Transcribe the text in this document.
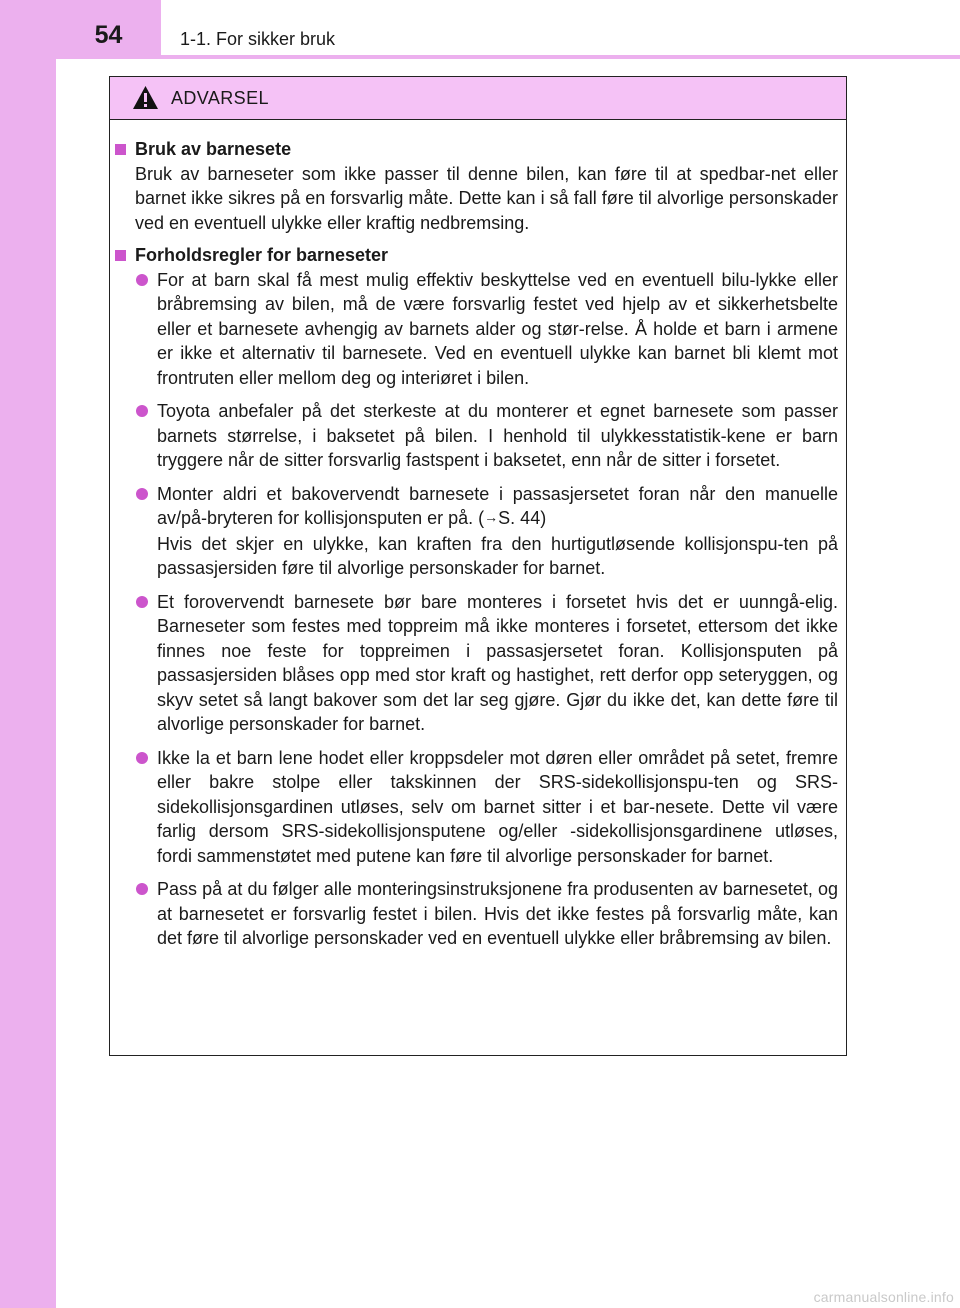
54	1-1. For sikker bruk
ADVARSEL
Bruk av barnesete

Bruk av barneseter som ikke passer til denne bilen, kan føre til at spedbar-net eller barnet ikke sikres på en forsvarlig måte. Dette kan i så fall føre til alvorlige personskader ved en eventuell ulykke eller kraftig nedbremsing.

Forholdsregler for barneseter
For at barn skal få mest mulig effektiv beskyttelse ved en eventuell bilu-lykke eller bråbremsing av bilen, må de være forsvarlig festet ved hjelp av et sikkerhetsbelte eller et barnesete avhengig av barnets alder og stør-relse. Å holde et barn i armene er ikke et alternativ til barnesete. Ved en eventuell ulykke kan barnet bli klemt mot frontruten eller mellom deg og interiøret i bilen.
Toyota anbefaler på det sterkeste at du monterer et egnet barnesete som passer barnets størrelse, i baksetet på bilen. I henhold til ulykkesstatistik-kene er barn tryggere når de sitter forsvarlig fastspent i baksetet, enn når de sitter i forsetet.
Monter aldri et bakovervendt barnesete i passasjersetet foran når den manuelle av/på-bryteren for kollisjonsputen er på. (→S. 44)
Hvis det skjer en ulykke, kan kraften fra den hurtigutløsende kollisjonspu-ten på passasjersiden føre til alvorlige personskader for barnet.
Et forovervendt barnesete bør bare monteres i forsetet hvis det er uunngå-elig. Barneseter som festes med toppreim må ikke monteres i forsetet, ettersom det ikke finnes noe feste for toppreimen i passasjersetet foran. Kollisjonsputen på passasjersiden blåses opp med stor kraft og hastighet, rett derfor opp seteryggen, og skyv setet så langt bakover som det lar seg gjøre. Gjør du ikke det, kan dette føre til alvorlige personskader for barnet.
Ikke la et barn lene hodet eller kroppsdeler mot døren eller området på setet, fremre eller bakre stolpe eller takskinnen der SRS-sidekollisjonspu-ten og SRS-sidekollisjonsgardinen utløses, selv om barnet sitter i et bar-nesete. Dette vil være farlig dersom SRS-sidekollisjonsputene og/eller -sidekollisjonsgardinene utløses, fordi sammenstøtet med putene kan føre til alvorlige personskader for barnet.
Pass på at du følger alle monteringsinstruksjonene fra produsenten av barnesetet, og at barnesetet er forsvarlig festet i bilen. Hvis det ikke festes på forsvarlig måte, kan det føre til alvorlige personskader ved en eventuell ulykke eller bråbremsing av bilen.
carmanualsonline.info
